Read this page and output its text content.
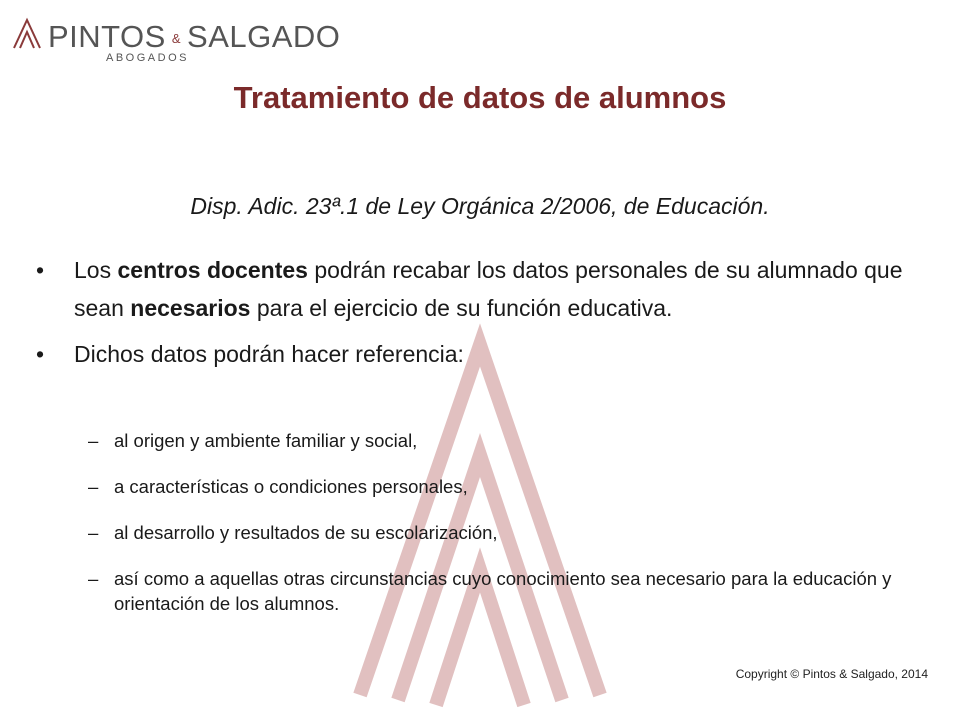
PINTOS & SALGADO
ABOGADOS
Tratamiento de datos de alumnos
Disp. Adic. 23ª.1 de Ley Orgánica 2/2006, de Educación.
• Los centros docentes podrán recabar los datos personales de su alumnado que sean necesarios para el ejercicio de su función educativa.
• Dichos datos podrán hacer referencia:
– al origen y ambiente familiar y social,
– a características o condiciones personales,
– al desarrollo y resultados de su escolarización,
– así como a aquellas otras circunstancias cuyo conocimiento sea necesario para la educación y orientación de los alumnos.
Copyright © Pintos & Salgado, 2014
